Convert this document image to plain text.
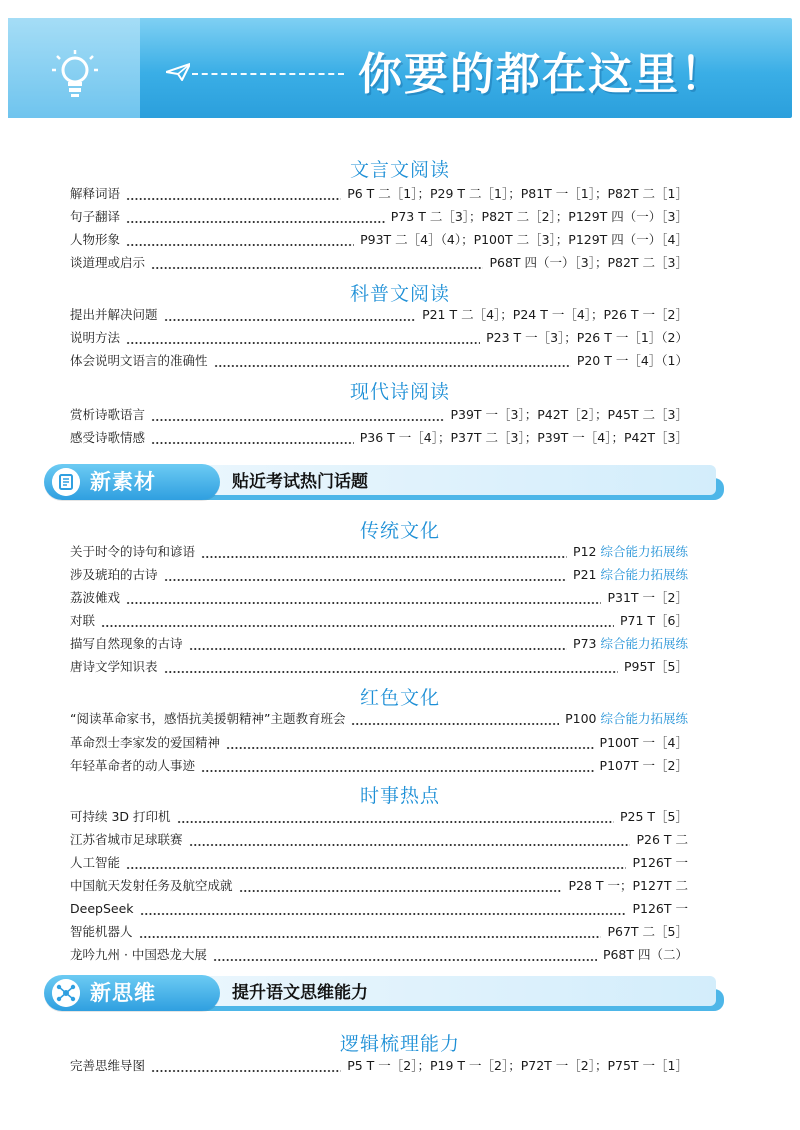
你要的都在这里！
文言文阅读
解释词语	P6 T 二［1］；P29 T 二［1］；P81T 一［1］；P82T 二［1］
句子翻译	P73 T 二［3］；P82T 二［2］；P129T 四（一）［3］
人物形象	P93T 二［4］（4）；P100T 二［3］；P129T 四（一）［4］
谈道理或启示	P68T 四（一）［3］；P82T 二［3］
科普文阅读
提出并解决问题	P21 T 二［4］；P24 T 一［4］；P26 T 一［2］
说明方法	P23 T 一［3］；P26 T 一［1］（2）
体会说明文语言的准确性	P20 T 一［4］（1）
现代诗阅读
赏析诗歌语言	P39T 一［3］；P42T［2］；P45T 二［3］
感受诗歌情感	P36 T 一［4］；P37T 二［3］；P39T 一［4］；P42T［3］
新素材	贴近考试热门话题
传统文化
关于时令的诗句和谚语	P12 综合能力拓展练
涉及琥珀的古诗	P21 综合能力拓展练
荔波傩戏	P31T 一［2］
对联	P71 T［6］
描写自然现象的古诗	P73 综合能力拓展练
唐诗文学知识表	P95T［5］
红色文化
“阅读革命家书，感悟抗美援朝精神”主题教育班会	P100 综合能力拓展练
革命烈士李家发的爱国精神	P100T 一［4］
年轻革命者的动人事迹	P107T 一［2］
时事热点
可持续 3D 打印机	P25 T［5］
江苏省城市足球联赛	P26 T 二
人工智能	P126T 一
中国航天发射任务及航空成就	P28 T 一；P127T 二
DeepSeek	P126T 一
智能机器人	P67T 二［5］
龙吟九州 · 中国恐龙大展	P68T 四（二）
新思维	提升语文思维能力
逻辑梳理能力
完善思维导图	P5 T 一［2］；P19 T 一［2］；P72T 一［2］；P75T 一［1］
